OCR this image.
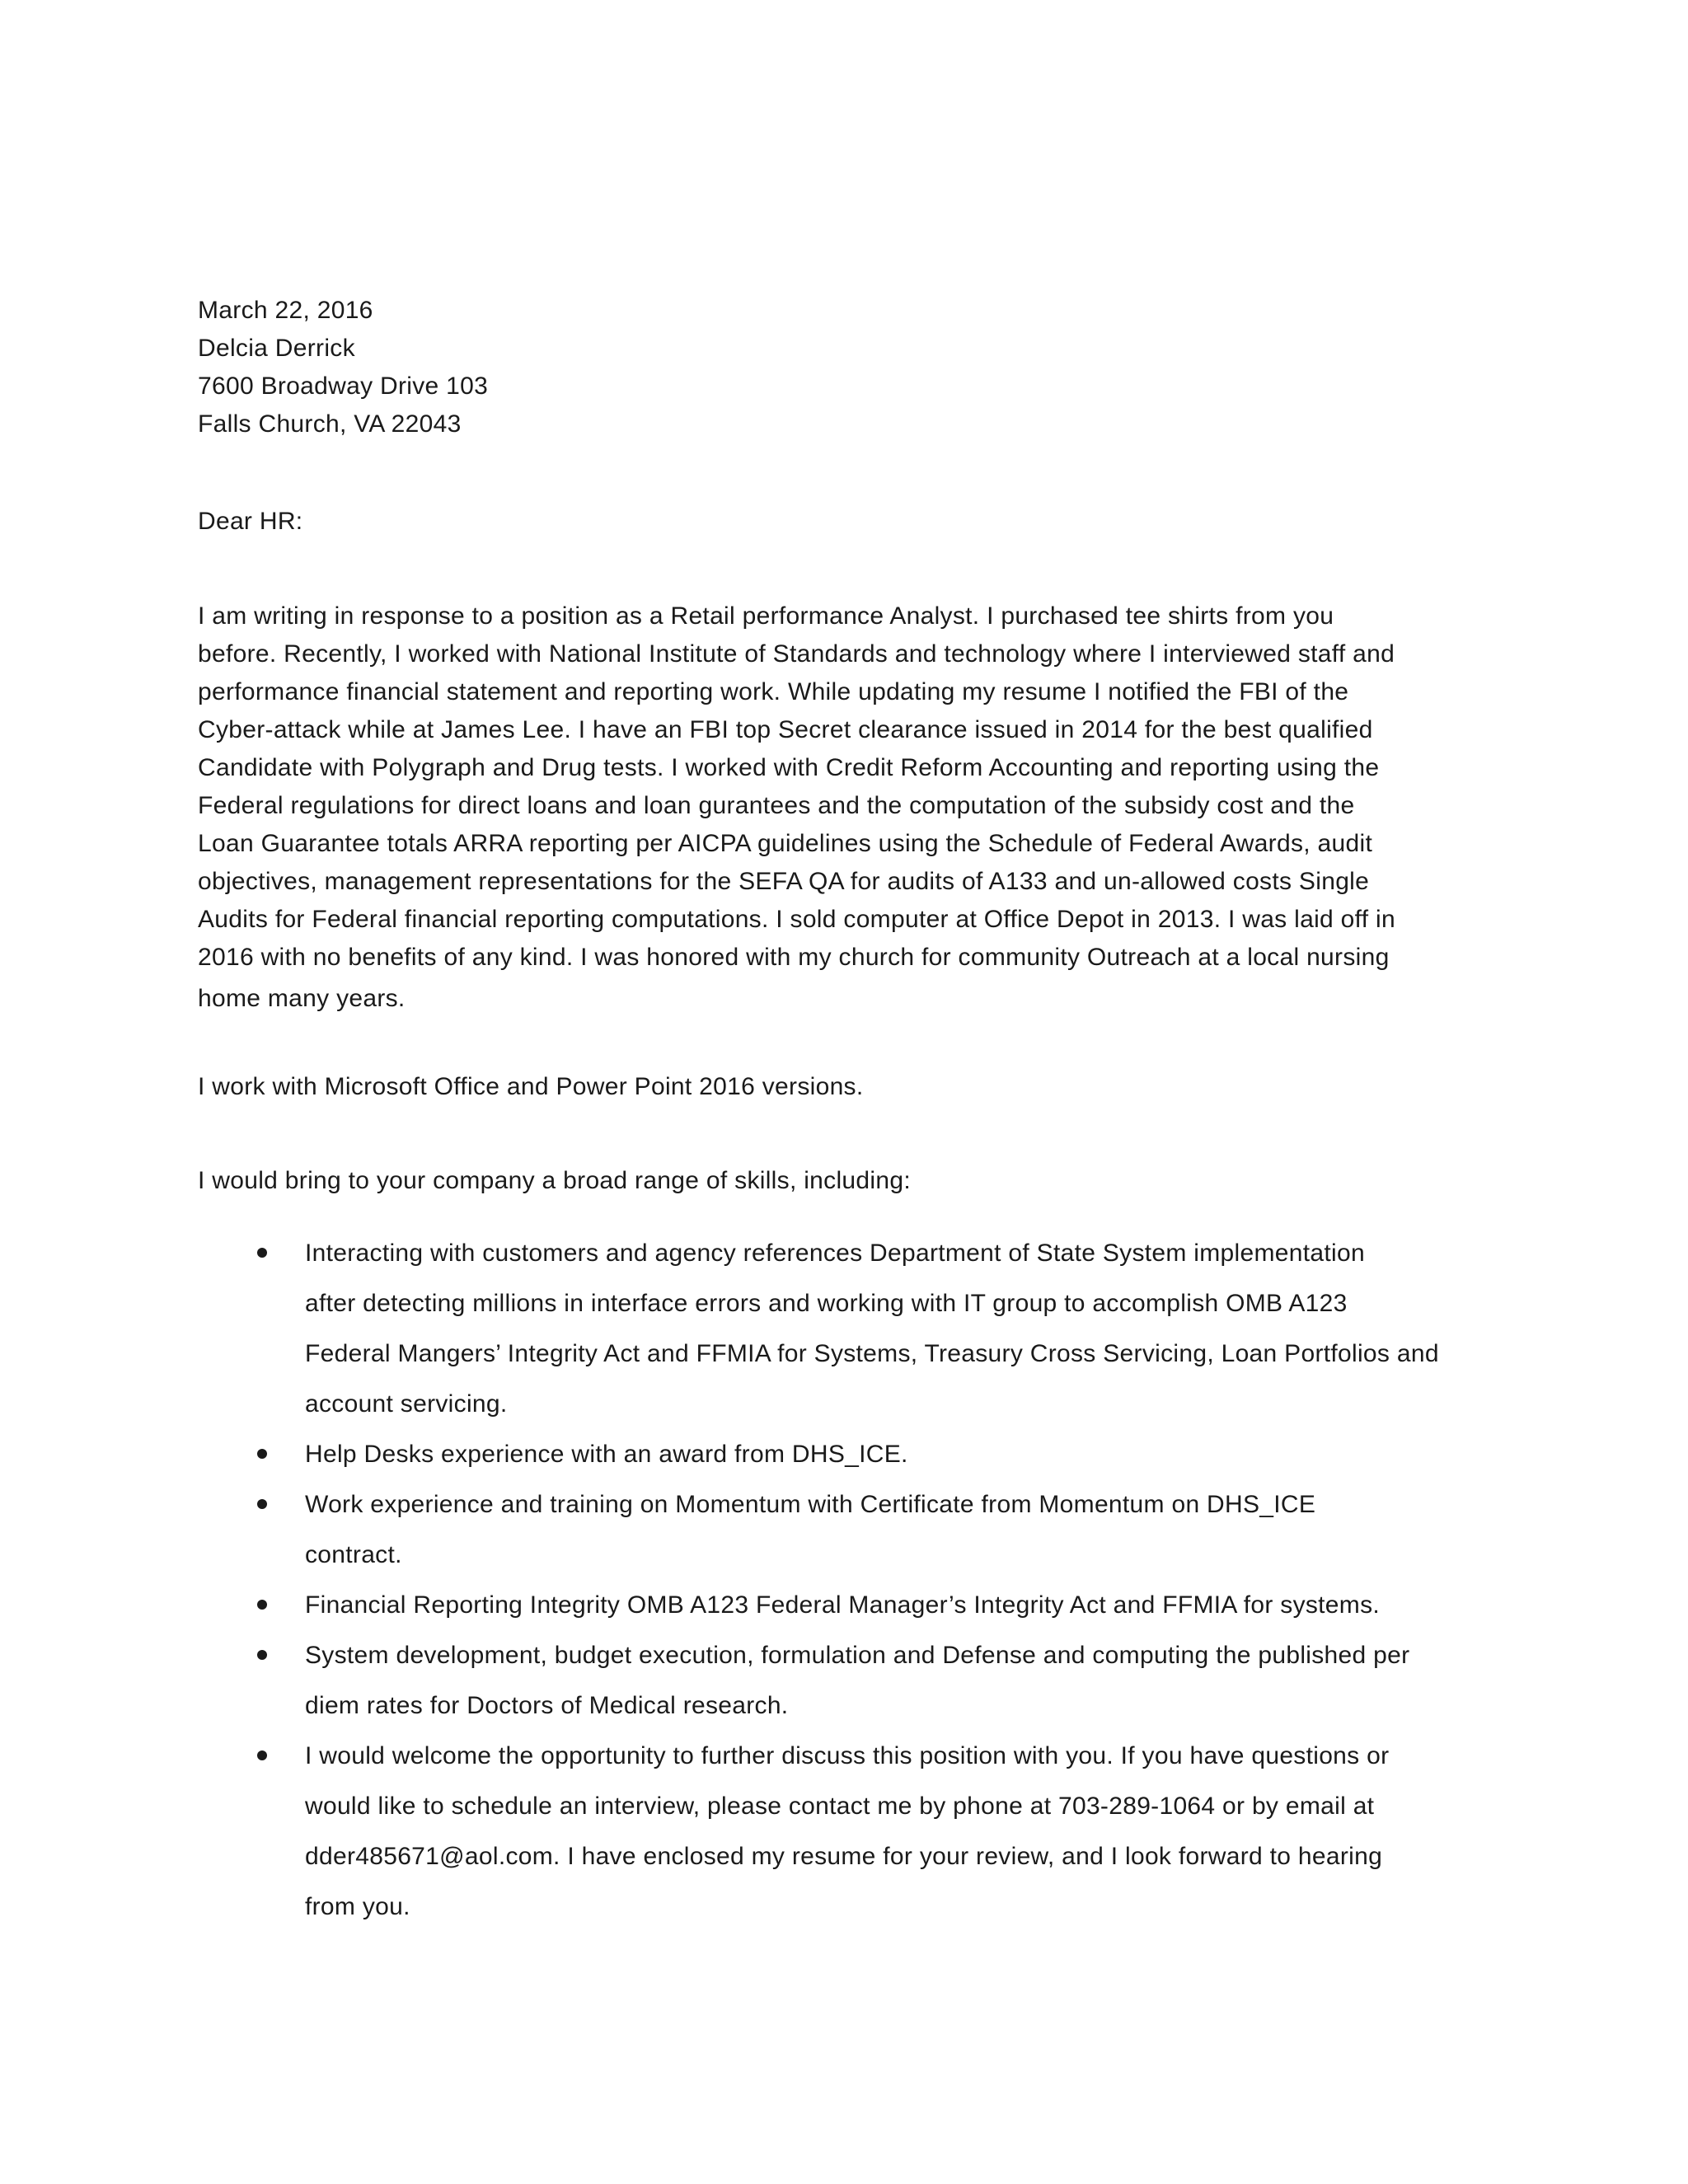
March 22, 2016
Delcia Derrick
7600 Broadway Drive 103
Falls Church, VA 22043
Dear HR:
I am writing in response to a position as a Retail performance Analyst. I purchased tee shirts from you
before. Recently, I worked with National Institute of Standards and technology where I interviewed staff and
performance financial statement and reporting work. While updating my resume I notified the FBI of the
Cyber-attack while at James Lee. I have an FBI top Secret clearance issued in 2014 for the best qualified
Candidate with Polygraph and Drug tests. I worked with Credit Reform Accounting and reporting using the
Federal regulations for direct loans and loan gurantees and the computation of the subsidy cost and the
Loan Guarantee totals ARRA reporting per AICPA guidelines using the Schedule of Federal Awards, audit
objectives, management representations for the SEFA QA for audits of A133 and un-allowed costs Single
Audits for Federal financial reporting computations. I sold computer at Office Depot in 2013. I was laid off in
2016 with no benefits of any kind. I was honored with my church for community Outreach at a local nursing
home many years.
I work with Microsoft Office and Power Point 2016 versions.
I would bring to your company a broad range of skills, including:
Interacting with customers and agency references Department of State System implementation
after detecting millions in interface errors and working with IT group to accomplish OMB A123
Federal Mangers’ Integrity Act and FFMIA for Systems, Treasury Cross Servicing, Loan Portfolios and
account servicing.
Help Desks experience with an award from DHS_ICE.
Work experience and training on Momentum with Certificate from Momentum on DHS_ICE
contract.
Financial Reporting Integrity OMB A123 Federal Manager’s Integrity Act and FFMIA for systems.
System development, budget execution, formulation and Defense and computing the published per
diem rates for Doctors of Medical research.
I would welcome the opportunity to further discuss this position with you. If you have questions or
would like to schedule an interview, please contact me by phone at 703-289-1064 or by email at
dder485671@aol.com. I have enclosed my resume for your review, and I look forward to hearing
from you.
